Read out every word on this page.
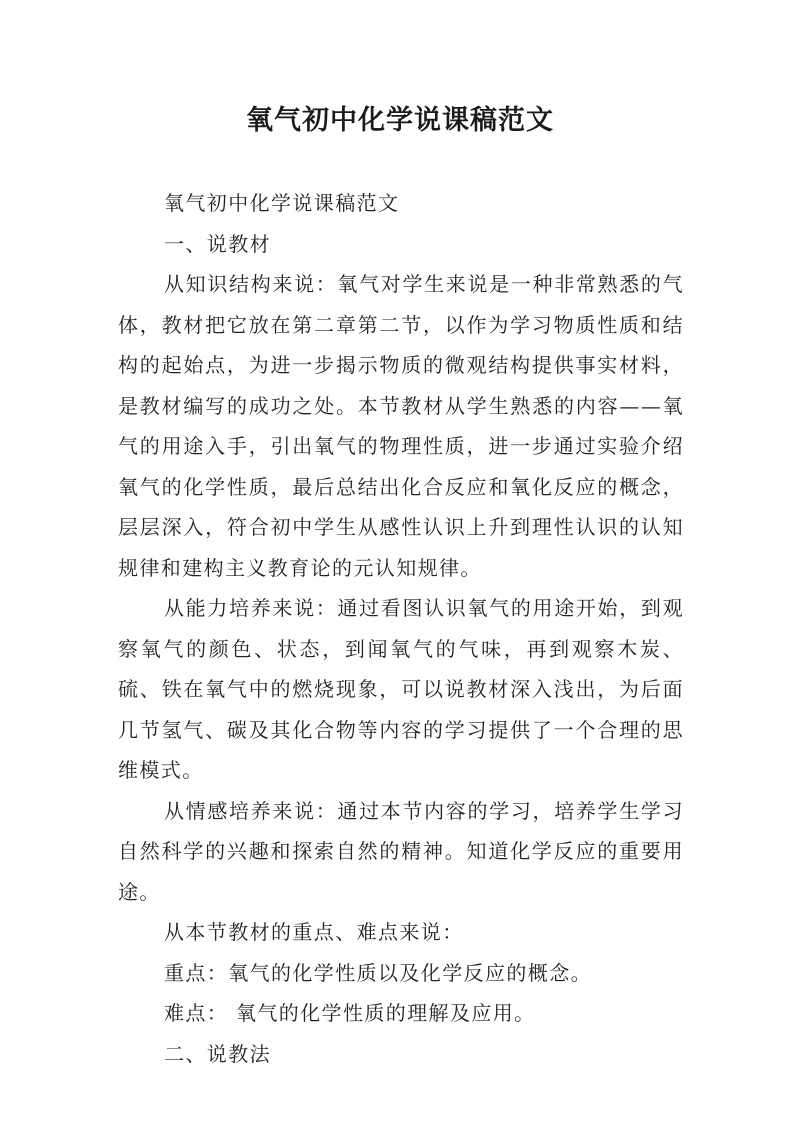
氧气初中化学说课稿范文

氧气初中化学说课稿范文

一、说教材

从知识结构来说：氧气对学生来说是一种非常熟悉的气体，教材把它放在第二章第二节，以作为学习物质性质和结构的起始点，为进一步揭示物质的微观结构提供事实材料，是教材编写的成功之处。本节教材从学生熟悉的内容——氧气的用途入手，引出氧气的物理性质，进一步通过实验介绍氧气的化学性质，最后总结出化合反应和氧化反应的概念，层层深入，符合初中学生从感性认识上升到理性认识的认知规律和建构主义教育论的元认知规律。

从能力培养来说：通过看图认识氧气的用途开始，到观察氧气的颜色、状态，到闻氧气的气味，再到观察木炭、硫、铁在氧气中的燃烧现象，可以说教材深入浅出，为后面几节氢气、碳及其化合物等内容的学习提供了一个合理的思维模式。

从情感培养来说：通过本节内容的学习，培养学生学习自然科学的兴趣和探索自然的精神。知道化学反应的重要用途。

从本节教材的重点、难点来说：

重点：氧气的化学性质以及化学反应的概念。

难点： 氧气的化学性质的理解及应用。

二、说教法
